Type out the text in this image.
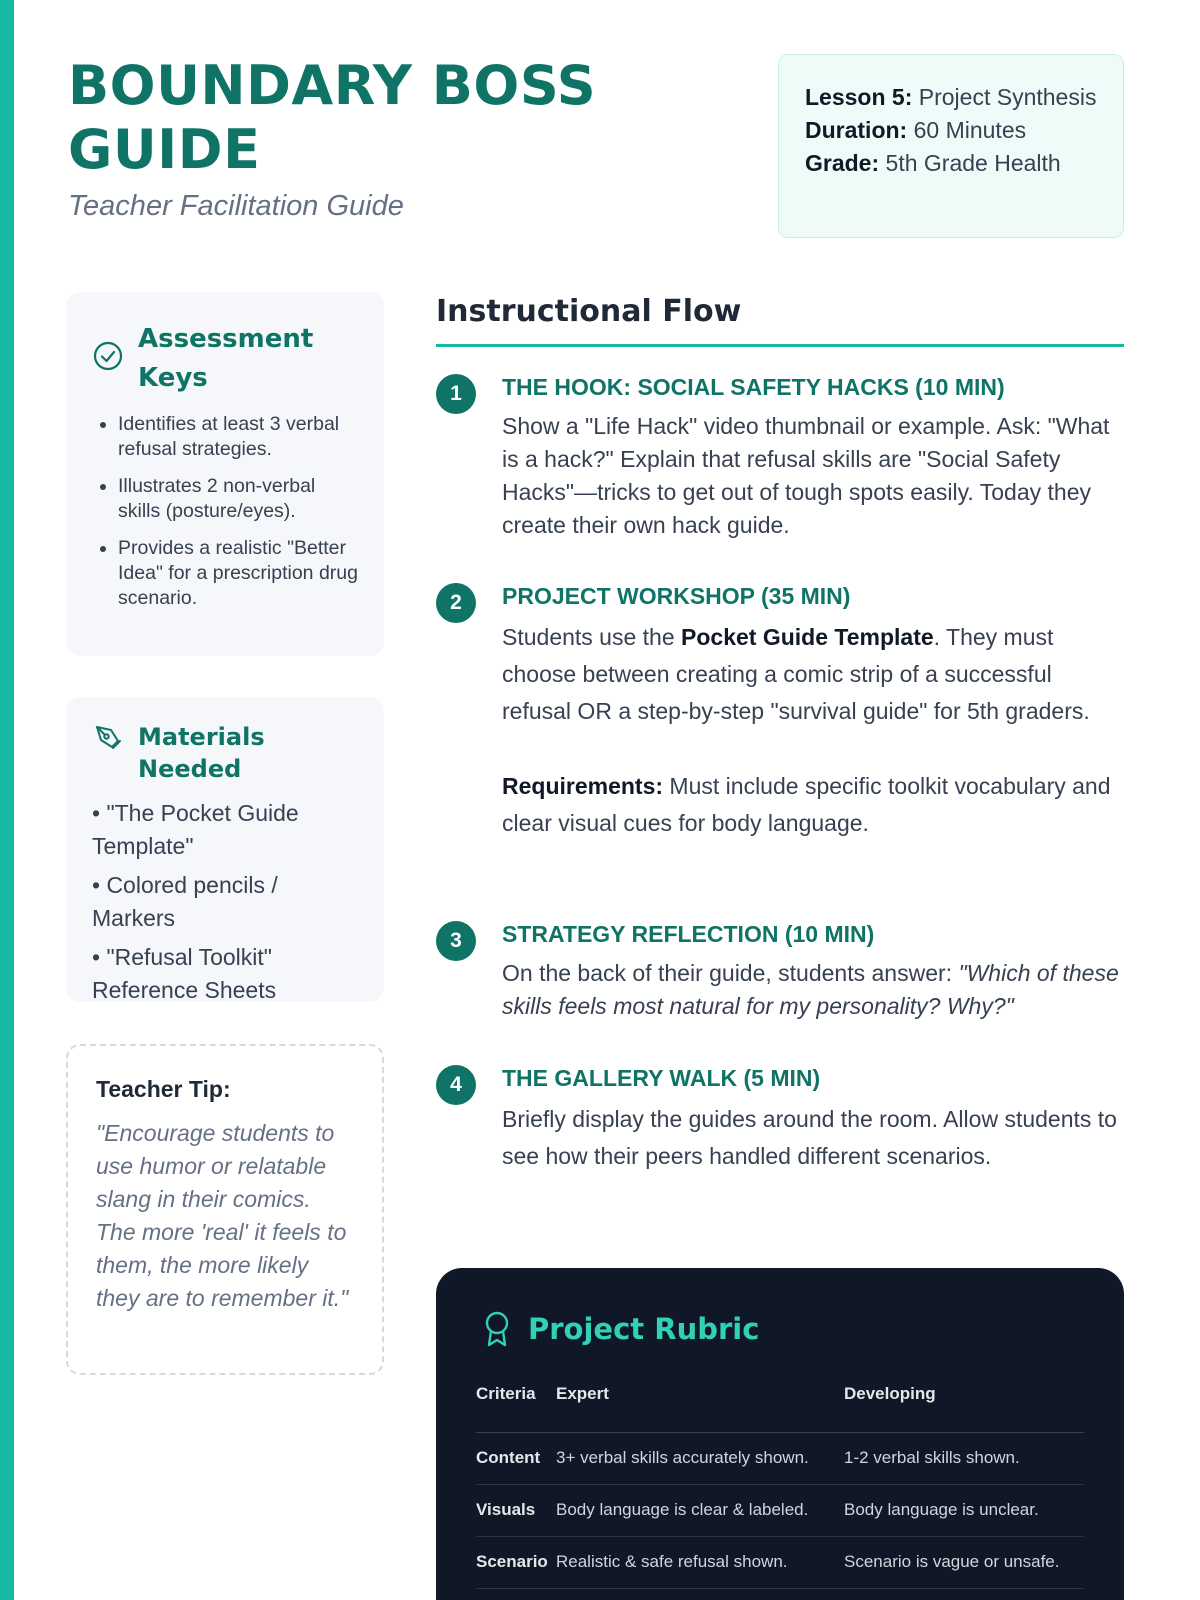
BOUNDARY BOSS GUIDE
Teacher Facilitation Guide
Lesson 5: Project Synthesis
Duration: 60 Minutes
Grade: 5th Grade Health
Assessment Keys
• Identifies at least 3 verbal refusal strategies.
• Illustrates 2 non-verbal skills (posture/eyes).
• Provides a realistic "Better Idea" for a prescription drug scenario.
Materials Needed
• "The Pocket Guide Template"
• Colored pencils / Markers
• "Refusal Toolkit" Reference Sheets
Teacher Tip:
"Encourage students to use humor or relatable slang in their comics. The more 'real' it feels to them, the more likely they are to remember it."
Instructional Flow
1	THE HOOK: SOCIAL SAFETY HACKS (10 MIN)
Show a "Life Hack" video thumbnail or example. Ask: "What is a hack?" Explain that refusal skills are "Social Safety Hacks"—tricks to get out of tough spots easily. Today they create their own hack guide.
2	PROJECT WORKSHOP (35 MIN)
Students use the Pocket Guide Template. They must choose between creating a comic strip of a successful refusal OR a step-by-step "survival guide" for 5th graders.
Requirements: Must include specific toolkit vocabulary and clear visual cues for body language.
3	STRATEGY REFLECTION (10 MIN)
On the back of their guide, students answer: "Which of these skills feels most natural for my personality? Why?"
4	THE GALLERY WALK (5 MIN)
Briefly display the guides around the room. Allow students to see how their peers handled different scenarios.
Project Rubric
Criteria	Expert	Developing
Content	3+ verbal skills accurately shown.	1-2 verbal skills shown.
Visuals	Body language is clear & labeled.	Body language is unclear.
Scenario	Realistic & safe refusal shown.	Scenario is vague or unsafe.
